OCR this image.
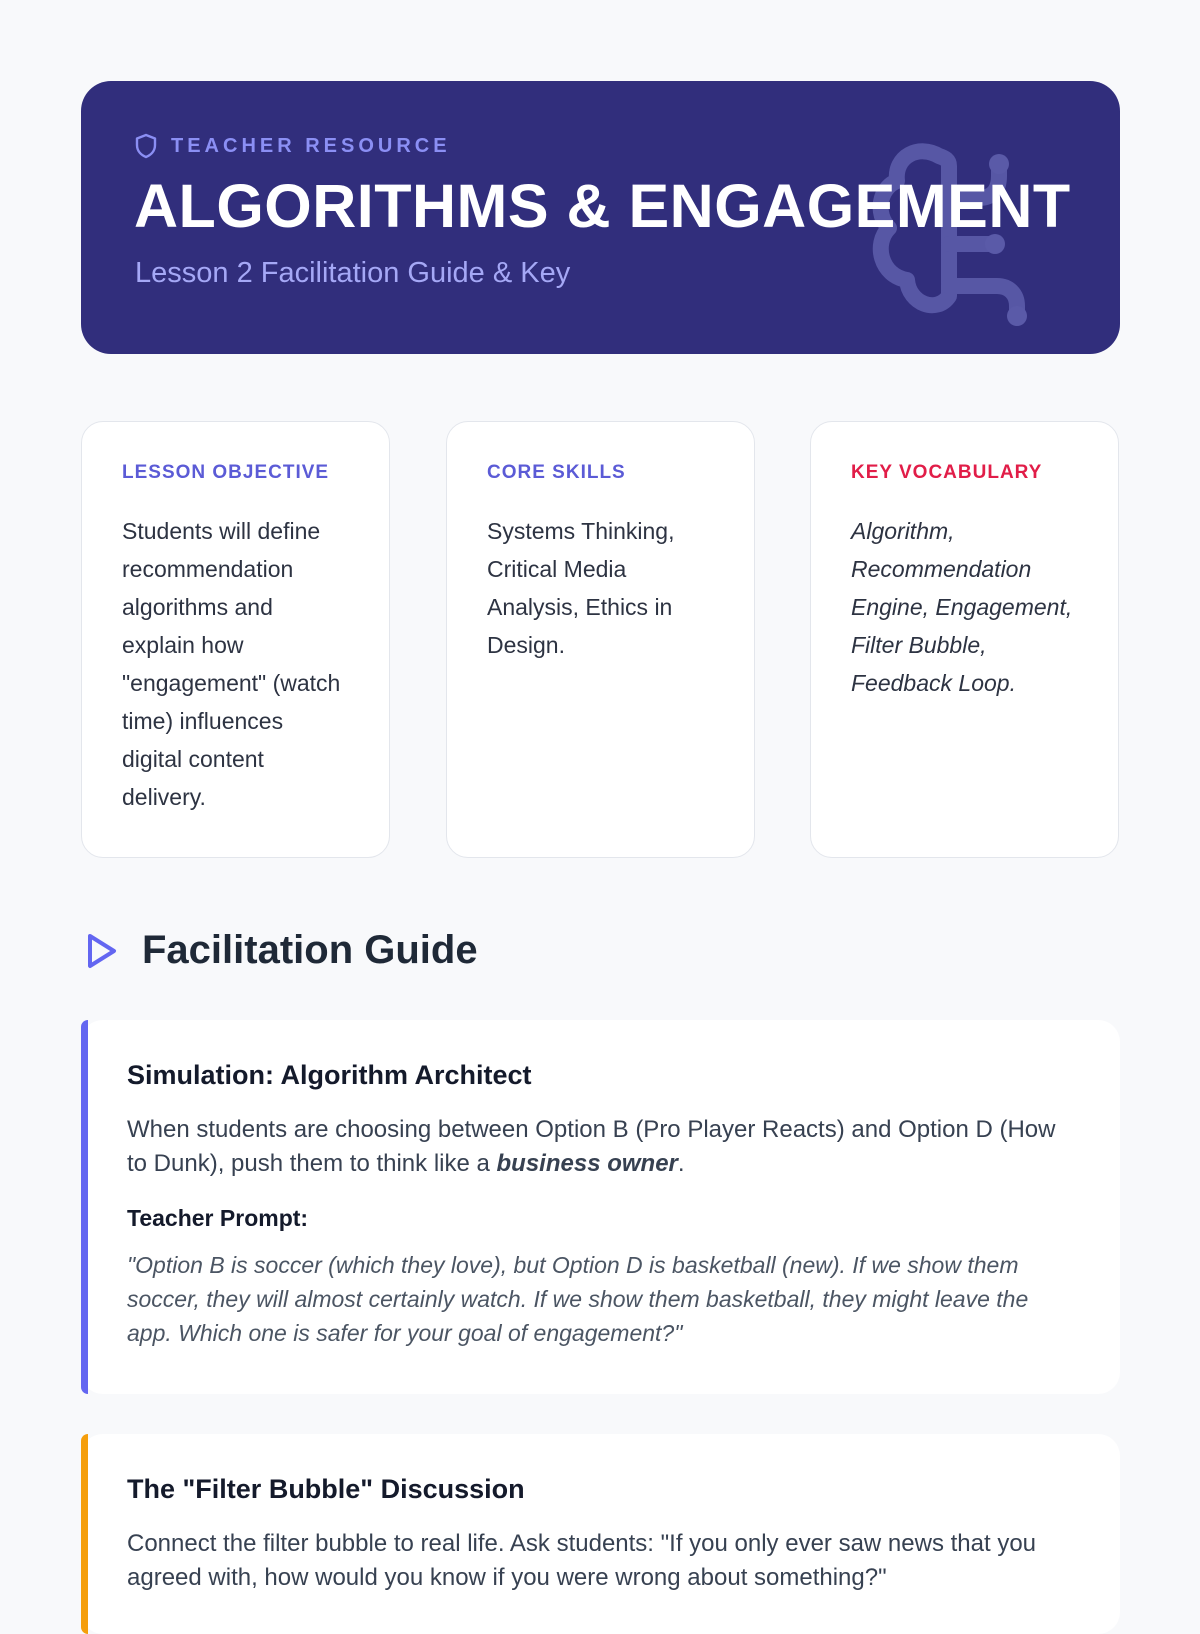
TEACHER RESOURCE
ALGORITHMS & ENGAGEMENT

Lesson 2 Facilitation Guide & Key

LESSON OBJECTIVE

Students will define recommendation algorithms and explain how "engagement" (watch time) influences digital content delivery.

CORE SKILLS

Systems Thinking, Critical Media Analysis, Ethics in Design.

KEY VOCABULARY

Algorithm, Recommendation Engine, Engagement, Filter Bubble, Feedback Loop.

Facilitation Guide
Simulation: Algorithm Architect

When students are choosing between Option B (Pro Player Reacts) and Option D (How to Dunk), push them to think like a business owner.

Teacher Prompt:

"Option B is soccer (which they love), but Option D is basketball (new). If we show them soccer, they will almost certainly watch. If we show them basketball, they might leave the app. Which one is safer for your goal of engagement?"

The "Filter Bubble" Discussion

Connect the filter bubble to real life. Ask students: "If you only ever saw news that you agreed with, how would you know if you were wrong about something?"
